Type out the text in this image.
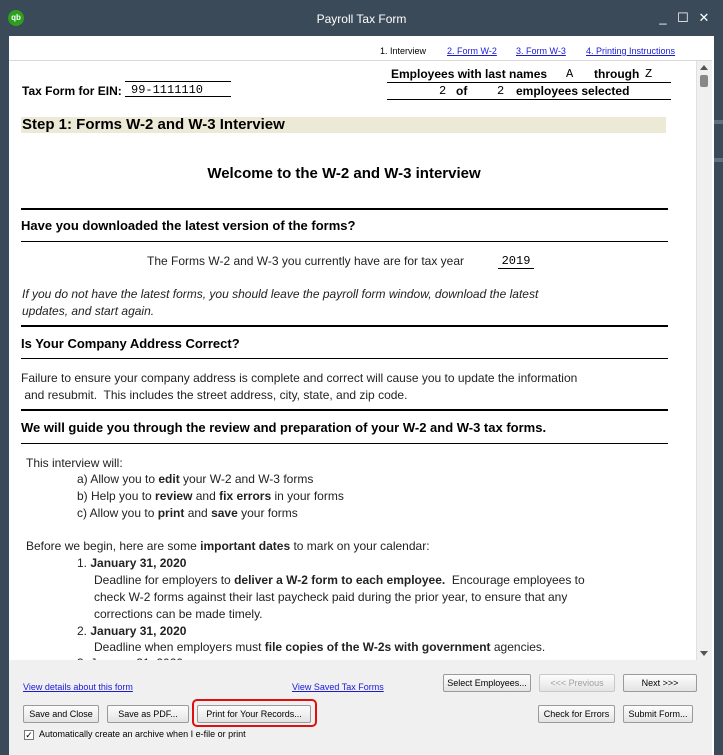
qb	Payroll Tax Form	_ ☐ ✕
1. Interview 2. Form W-2 3. Form W-3 4. Printing Instructions
Tax Form for EIN: 99-1111110
Employees with last names A through Z
2 of 2 employees selected
Step 1: Forms W-2 and W-3 Interview
Welcome to the W-2 and W-3 interview
Have you downloaded the latest version of the forms?
The Forms W-2 and W-3 you currently have are for tax year	2019
If you do not have the latest forms, you should leave the payroll form window, download the latest
updates, and start again.
Is Your Company Address Correct?
Failure to ensure your company address is complete and correct will cause you to update the information
and resubmit.  This includes the street address, city, state, and zip code.
We will guide you through the review and preparation of your W-2 and W-3 tax forms.
This interview will:
a) Allow you to edit your W-2 and W-3 forms
b) Help you to review and fix errors in your forms
c) Allow you to print and save your forms
Before we begin, here are some important dates to mark on your calendar:
1. January 31, 2020
Deadline for employers to deliver a W-2 form to each employee.  Encourage employees to
check W-2 forms against their last paycheck paid during the prior year, to ensure that any
corrections can be made timely.
2. January 31, 2020
Deadline when employers must file copies of the W-2s with government agencies.
View details about this form	View Saved Tax Forms	Select Employees...	<<< Previous	Next >>>
Save and Close	Save as PDF...	Print for Your Records...	Check for Errors	Submit Form...
✓ Automatically create an archive when I e-file or print
